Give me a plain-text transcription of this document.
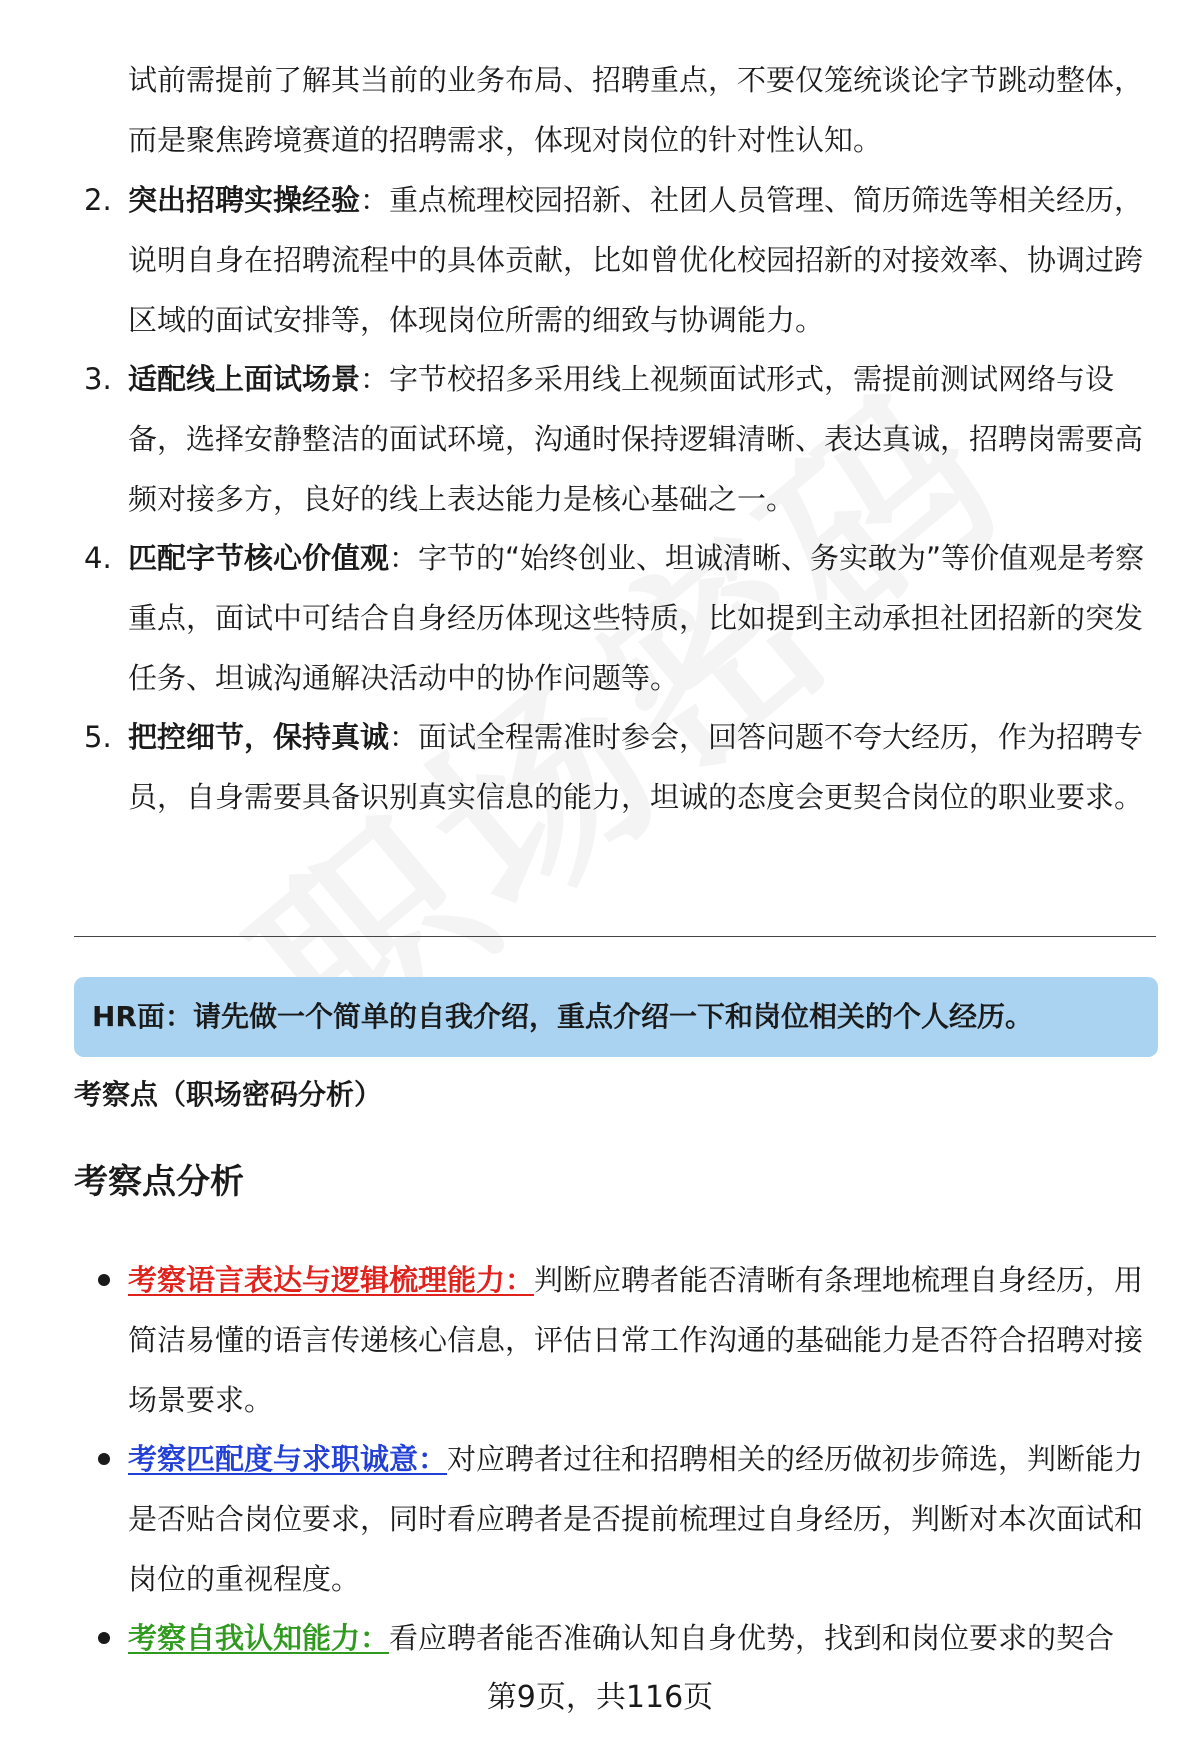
试前需提前了解其当前的业务布局、招聘重点，不要仅笼统谈论字节跳动整体，而是聚焦跨境赛道的招聘需求，体现对岗位的针对性认知。

2. 突出招聘实操经验：重点梳理校园招新、社团人员管理、简历筛选等相关经历，说明自身在招聘流程中的具体贡献，比如曾优化校园招新的对接效率、协调过跨区域的面试安排等，体现岗位所需的细致与协调能力。
3. 适配线上面试场景：字节校招多采用线上视频面试形式，需提前测试网络与设备，选择安静整洁的面试环境，沟通时保持逻辑清晰、表达真诚，招聘岗需要高频对接多方，良好的线上表达能力是核心基础之一。
4. 匹配字节核心价值观：字节的“始终创业、坦诚清晰、务实敢为”等价值观是考察重点，面试中可结合自身经历体现这些特质，比如提到主动承担社团招新的突发任务、坦诚沟通解决活动中的协作问题等。
5. 把控细节，保持真诚：面试全程需准时参会，回答问题不夸大经历，作为招聘专员，自身需要具备识别真实信息的能力，坦诚的态度会更契合岗位的职业要求。
HR面：请先做一个简单的自我介绍，重点介绍一下和岗位相关的个人经历。
考察点（职场密码分析）
考察点分析
考察语言表达与逻辑梳理能力：判断应聘者能否清晰有条理地梳理自身经历，用简洁易懂的语言传递核心信息，评估日常工作沟通的基础能力是否符合招聘对接场景要求。
考察匹配度与求职诚意：对应聘者过往和招聘相关的经历做初步筛选，判断能力是否贴合岗位要求，同时看应聘者是否提前梳理过自身经历，判断对本次面试和岗位的重视程度。
考察自我认知能力：看应聘者能否准确认知自身优势，找到和岗位要求的契合
第9页，共116页
